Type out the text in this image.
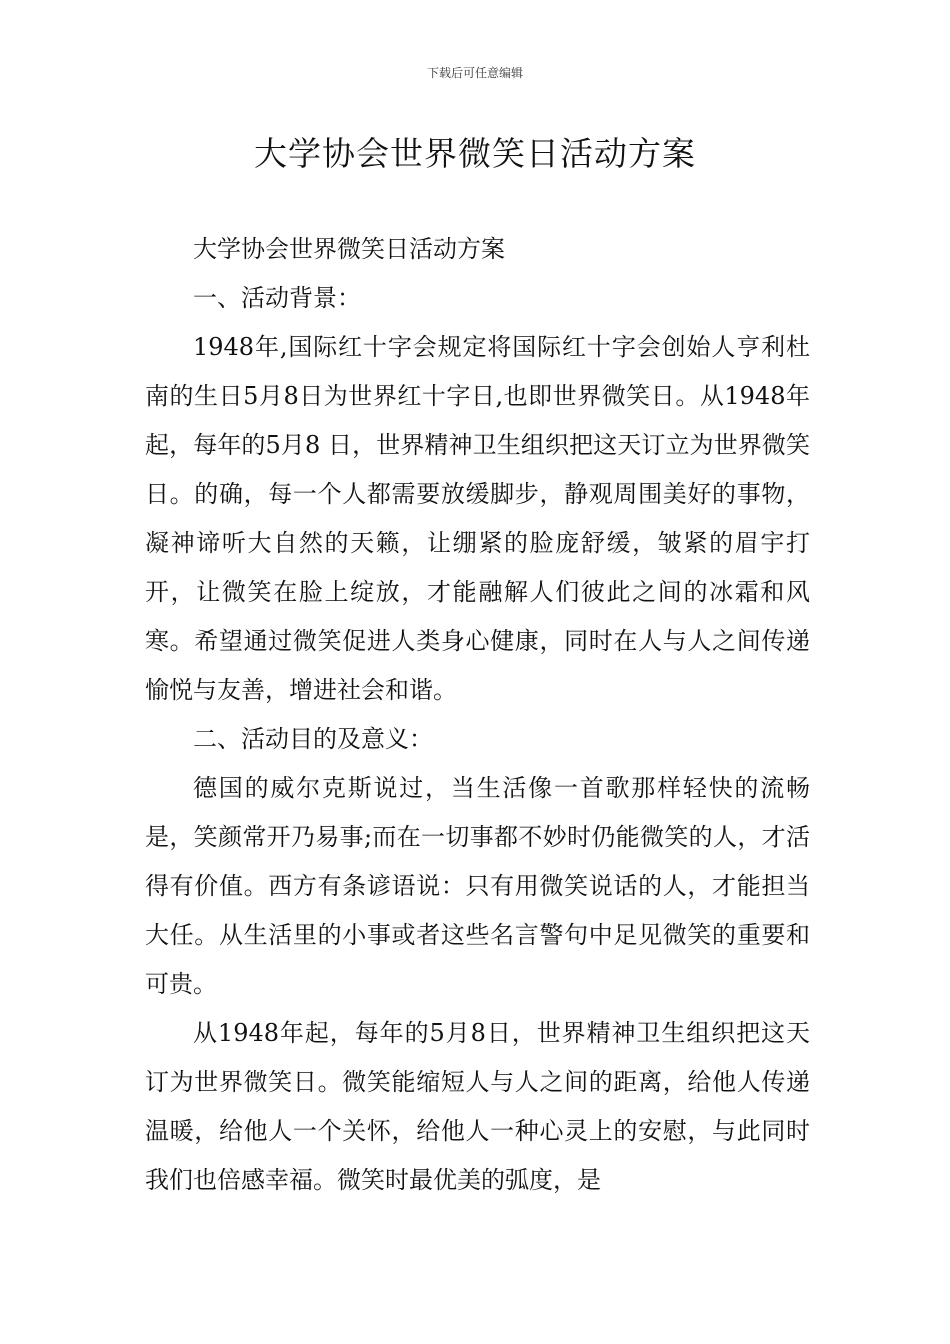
下载后可任意编辑
大学协会世界微笑日活动方案

大学协会世界微笑日活动方案

一、活动背景：

1948年,国际红十字会规定将国际红十字会创始人亨利杜南的生日5月8日为世界红十字日,也即世界微笑日。从1948年起，每年的5月8 日，世界精神卫生组织把这天订立为世界微笑日。的确，每一个人都需要放缓脚步，静观周围美好的事物，凝神谛听大自然的天籁，让绷紧的脸庞舒缓，皱紧的眉宇打开，让微笑在脸上绽放，才能融解人们彼此之间的冰霜和风寒。希望通过微笑促进人类身心健康，同时在人与人之间传递愉悦与友善，增进社会和谐。

二、活动目的及意义：

德国的威尔克斯说过，当生活像一首歌那样轻快的流畅是，笑颜常开乃易事;而在一切事都不妙时仍能微笑的人，才活得有价值。西方有条谚语说：只有用微笑说话的人，才能担当大任。从生活里的小事或者这些名言警句中足见微笑的重要和可贵。

从1948年起，每年的5月8日，世界精神卫生组织把这天订为世界微笑日。微笑能缩短人与人之间的距离，给他人传递温暖，给他人一个关怀，给他人一种心灵上的安慰，与此同时我们也倍感幸福。微笑时最优美的弧度，是
